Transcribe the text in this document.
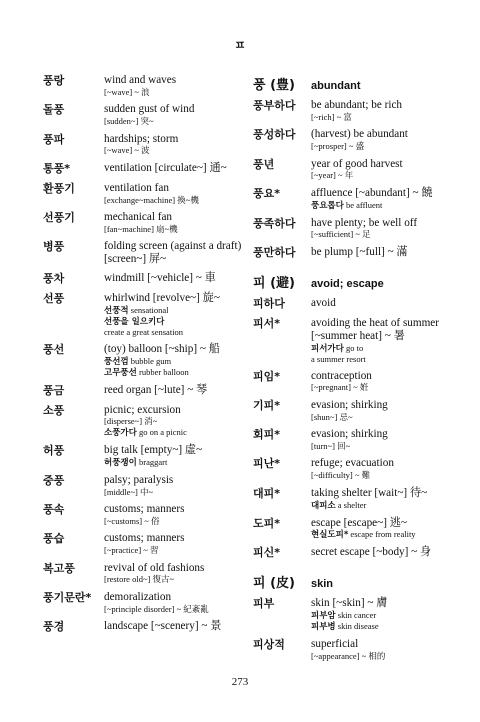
ㅍ
풍랑	wind and waves
[~wave] ~ 浪
돌풍	sudden gust of wind
[sudden~] 突~
풍파	hardships; storm
[~wave] ~ 波
통풍*	ventilation [circulate~] 通~
환풍기	ventilation fan
[exchange~machine] 換~機
선풍기	mechanical fan
[fan~machine] 扇~機
병풍	folding screen (against a draft) [screen~] 屏~
풍차	windmill [~vehicle] ~ 車
선풍	whirlwind [revolve~] 旋~
선풍적 sensational
선풍을 일으키다
create a great sensation
풍선	(toy) balloon [~ship] ~ 船
풍선껌 bubble gum
고무풍선 rubber balloon
풍금	reed organ [~lute] ~ 琴
소풍	picnic; excursion
[disperse~] 消~
소풍가다 go on a picnic
허풍	big talk [empty~] 虛~
허풍쟁이 braggart
중풍	palsy; paralysis
[middle~] 中~
풍속	customs; manners
[~customs] ~ 俗
풍습	customs; manners
[~practice] ~ 習
복고풍	revival of old fashions
[restore old~] 復古~
풍기문란*	demoralization
[~principle disorder] ~ 紀紊亂
풍경	landscape [~scenery] ~ 景
풍 (豊)	abundant
풍부하다	be abundant; be rich
[~rich] ~ 富
풍성하다	(harvest) be abundant
[~prosper] ~ 盛
풍년	year of good harvest
[~year] ~ 年
풍요*	affluence [~abundant] ~ 饒
풍요롭다 be affluent
풍족하다	have plenty; be well off
[~sufficient] ~ 足
풍만하다	be plump [~full] ~ 滿
피 (避)	avoid; escape
피하다	avoid
피서*	avoiding the heat of summer [~summer heat] ~ 暑
피서가다 go to
a summer resort
피임*	contraception
[~pregnant] ~ 姙
기피*	evasion; shirking
[shun~] 忌~
회피*	evasion; shirking
[turn~] 回~
피난*	refuge; evacuation
[~difficulty] ~ 難
대피*	taking shelter [wait~] 待~
대피소 a shelter
도피*	escape [escape~] 逃~
현실도피* escape from reality
피신*	secret escape [~body] ~ 身
피 (皮)	skin
피부	skin [~skin] ~ 膚
피부암 skin cancer
피부병 skin disease
피상적	superficial
[~appearance] ~ 相的
273
